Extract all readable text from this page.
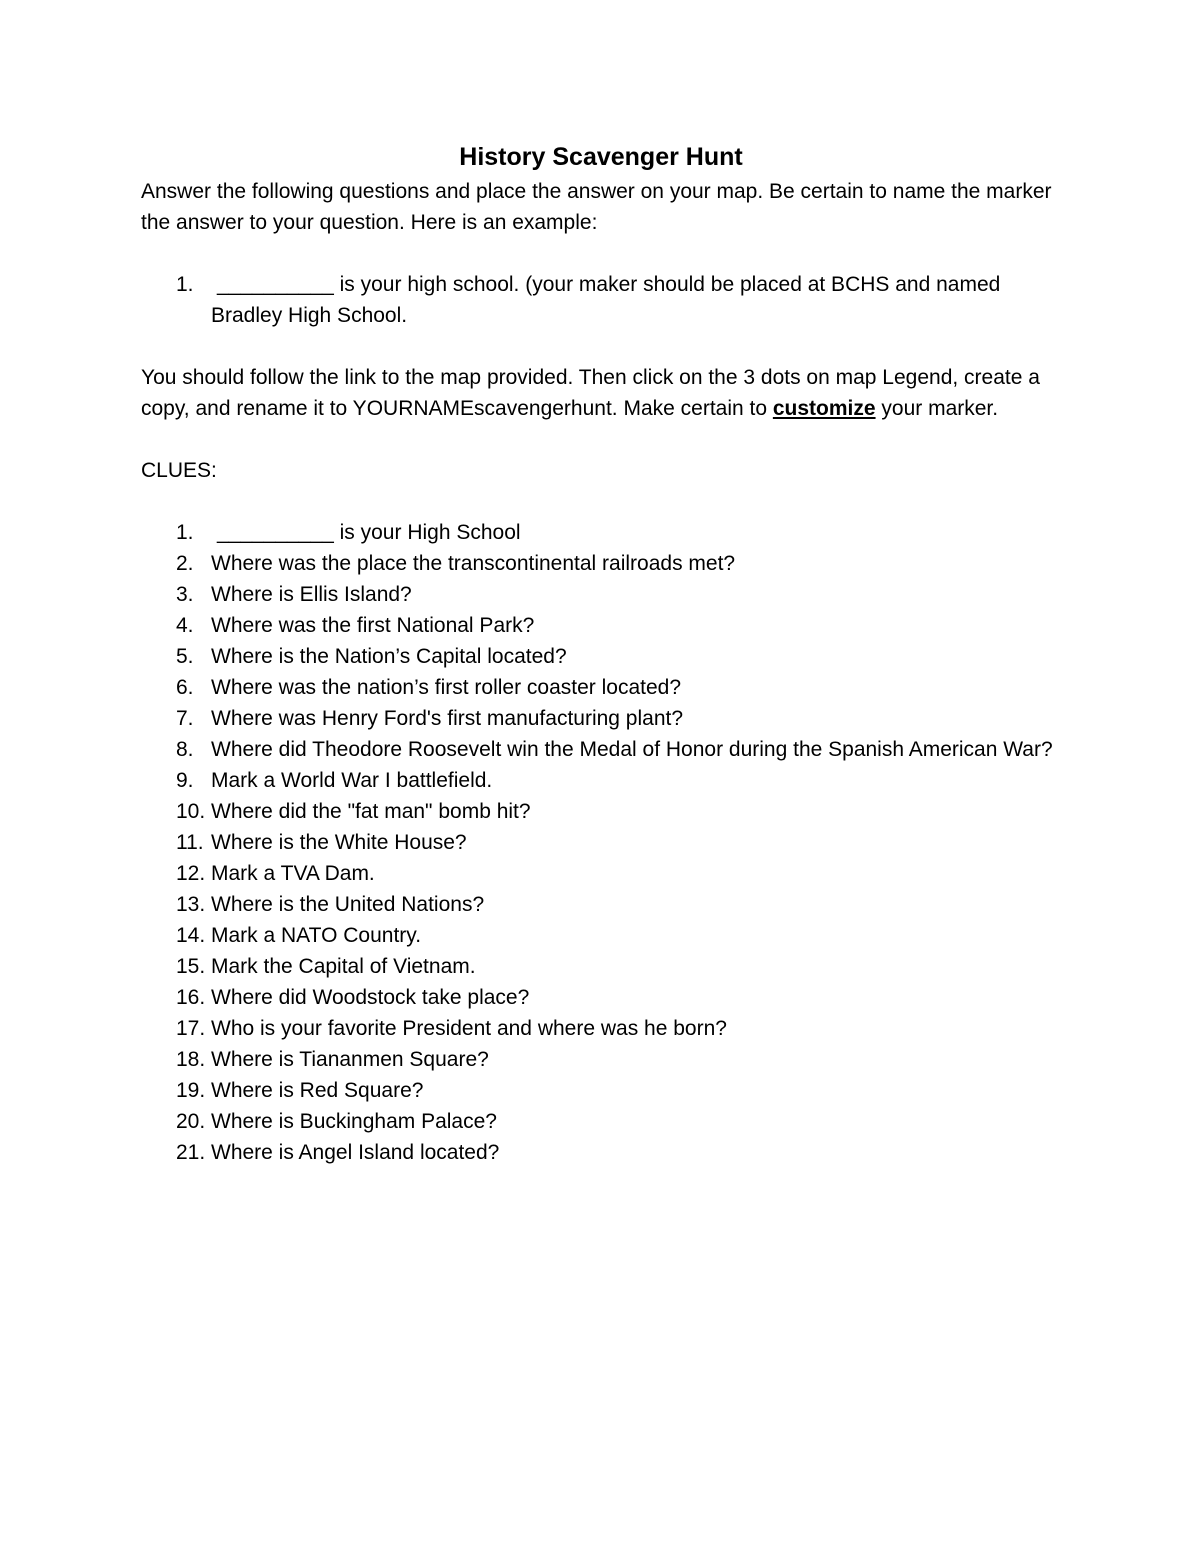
History Scavenger Hunt

Answer the following questions and place the answer on your map. Be certain to name the marker the answer to your question. Here is an example:

1. __________ is your high school. (your maker should be placed at BCHS and named Bradley High School.

You should follow the link to the map provided. Then click on the 3 dots on map Legend, create a copy, and rename it to YOURNAMEscavengerhunt. Make certain to customize your marker.

CLUES:

1. __________ is your High School
2. Where was the place the transcontinental railroads met?
3. Where is Ellis Island?
4. Where was the first National Park?
5. Where is the Nation’s Capital located?
6. Where was the nation’s first roller coaster located?
7. Where was Henry Ford's first manufacturing plant?
8. Where did Theodore Roosevelt win the Medal of Honor during the Spanish American War?
9. Mark a World War I battlefield.
10. Where did the "fat man" bomb hit?
11. Where is the White House?
12. Mark a TVA Dam.
13. Where is the United Nations?
14. Mark a NATO Country.
15. Mark the Capital of Vietnam.
16. Where did Woodstock take place?
17. Who is your favorite President and where was he born?
18. Where is Tiananmen Square?
19. Where is Red Square?
20. Where is Buckingham Palace?
21. Where is Angel Island located?
